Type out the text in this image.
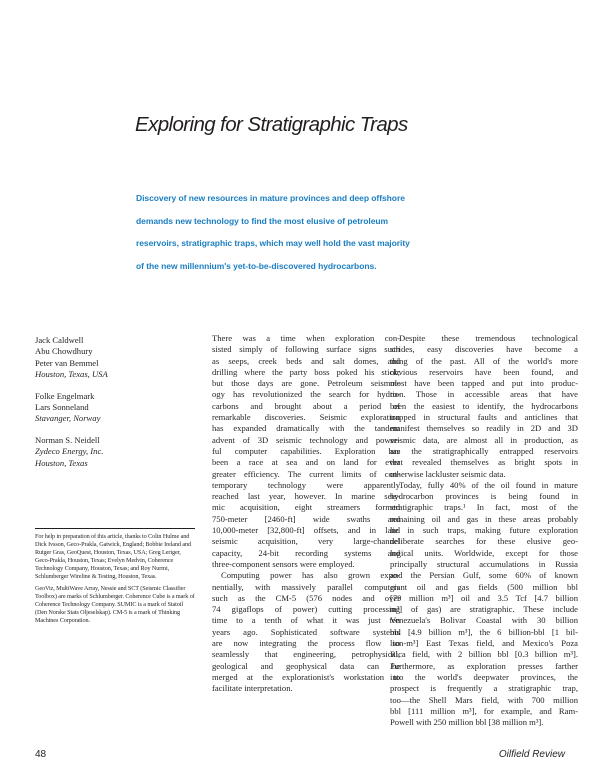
Exploring for Stratigraphic Traps
Discovery of new resources in mature provinces and deep offshore
demands new technology to find the most elusive of petroleum
reservoirs, stratigraphic traps, which may well hold the vast majority
of the new millennium's yet-to-be-discovered hydrocarbons.
Jack Caldwell
Abu Chowdhury
Peter van Bemmel
Houston, Texas, USA
Folke Engelmark
Lars Sonneland
Stavanger, Norway
Norman S. Neidell
Zydeco Energy, Inc.
Houston, Texas

For help in preparation of this article, thanks to Colin Hulme and Dick Ivsson, Geco-Prakla, Gatwick, England; Bobbie Ireland and Rutger Gras, GeoQuest, Houston, Texas, USA; Greg Leriger, Geco-Prakla, Houston, Texas; Evelyn Medvin, Coherence Technology Company, Houston, Texas; and Roy Nurmi, Schlumberger Wireline & Testing, Houston, Texas.

GeoViz, MultiWave Array, Nessie and SCT (Seismic Classifier Toolbox) are marks of Schlumberger. Coherence Cube is a mark of Coherence Technology Company. SUMIC is a mark of Statoil (Den Norske Stats Oljeselskap). CM-5 is a mark of Thinking Machines Corporation.

There was a time when exploration con-
sisted simply of following surface signs such
as seeps, creek beds and salt domes, and
drilling where the party boss poked his stick;
but those days are gone. Petroleum seismol-
ogy has revolutionized the search for hydro-
carbons and brought about a period of
remarkable discoveries. Seismic exploration
has expanded dramatically with the tandem
advent of 3D seismic technology and power-
ful computer capabilities. Exploration has
been a race at sea and on land for ever
greater efficiency. The current limits of con-
temporary technology were apparently
reached last year, however. In marine seis-
mic acquisition, eight streamers formed
750-meter [2460-ft] wide swaths and
10,000-meter [32,800-ft] offsets, and in land
seismic acquisition, very large-channel
capacity, 24-bit recording systems and
three-component sensors were employed.
Computing power has also grown expo-
nentially, with massively parallel computers
such as the CM-5 (576 nodes and over
74 gigaflops of power) cutting processing
time to a tenth of what it was just ten
years ago. Sophisticated software systems
are now integrating the process flow so
seamlessly that engineering, petrophysical,
geological and geophysical data can be
merged at the explorationist's workstation to
facilitate interpretation.
Despite these tremendous technological
strides, easy discoveries have become a
thing of the past. All of the world's more
obvious reservoirs have been found, and
most have been tapped and put into produc-
tion. Those in accessible areas that have
been the easiest to identify, the hydrocarbons
trapped in structural faults and anticlines that
manifest themselves so readily in 2D and 3D
seismic data, are almost all in production, as
are the stratigraphically entrapped reservoirs
that revealed themselves as bright spots in
otherwise lackluster seismic data.
Today, fully 40% of the oil found in mature
hydrocarbon provinces is being found in
stratigraphic traps.¹ In fact, most of the
remaining oil and gas in these areas probably
lie in such traps, making future exploration
deliberate searches for these elusive geo-
logical units. Worldwide, except for those
principally structural accumulations in Russia
and the Persian Gulf, some 60% of known
giant oil and gas fields (500 million bbl
[79 million m³] oil and 3.5 Tcf [4.7 billion
m³] of gas) are stratigraphic. These include
Venezuela's Bolivar Coastal with 30 billion
bbl [4.9 billion m³], the 6 billion-bbl [1 bil-
lion-m³] East Texas field, and Mexico's Poza
Rica field, with 2 billion bbl [0.3 billion m³].
Furthermore, as exploration presses farther
into the world's deepwater provinces, the
prospect is frequently a stratigraphic trap,
too—the Shell Mars field, with 700 million
bbl [111 million m³], for example, and Ram-
Powell with 250 million bbl [38 million m³].
48	Oilfield Review
